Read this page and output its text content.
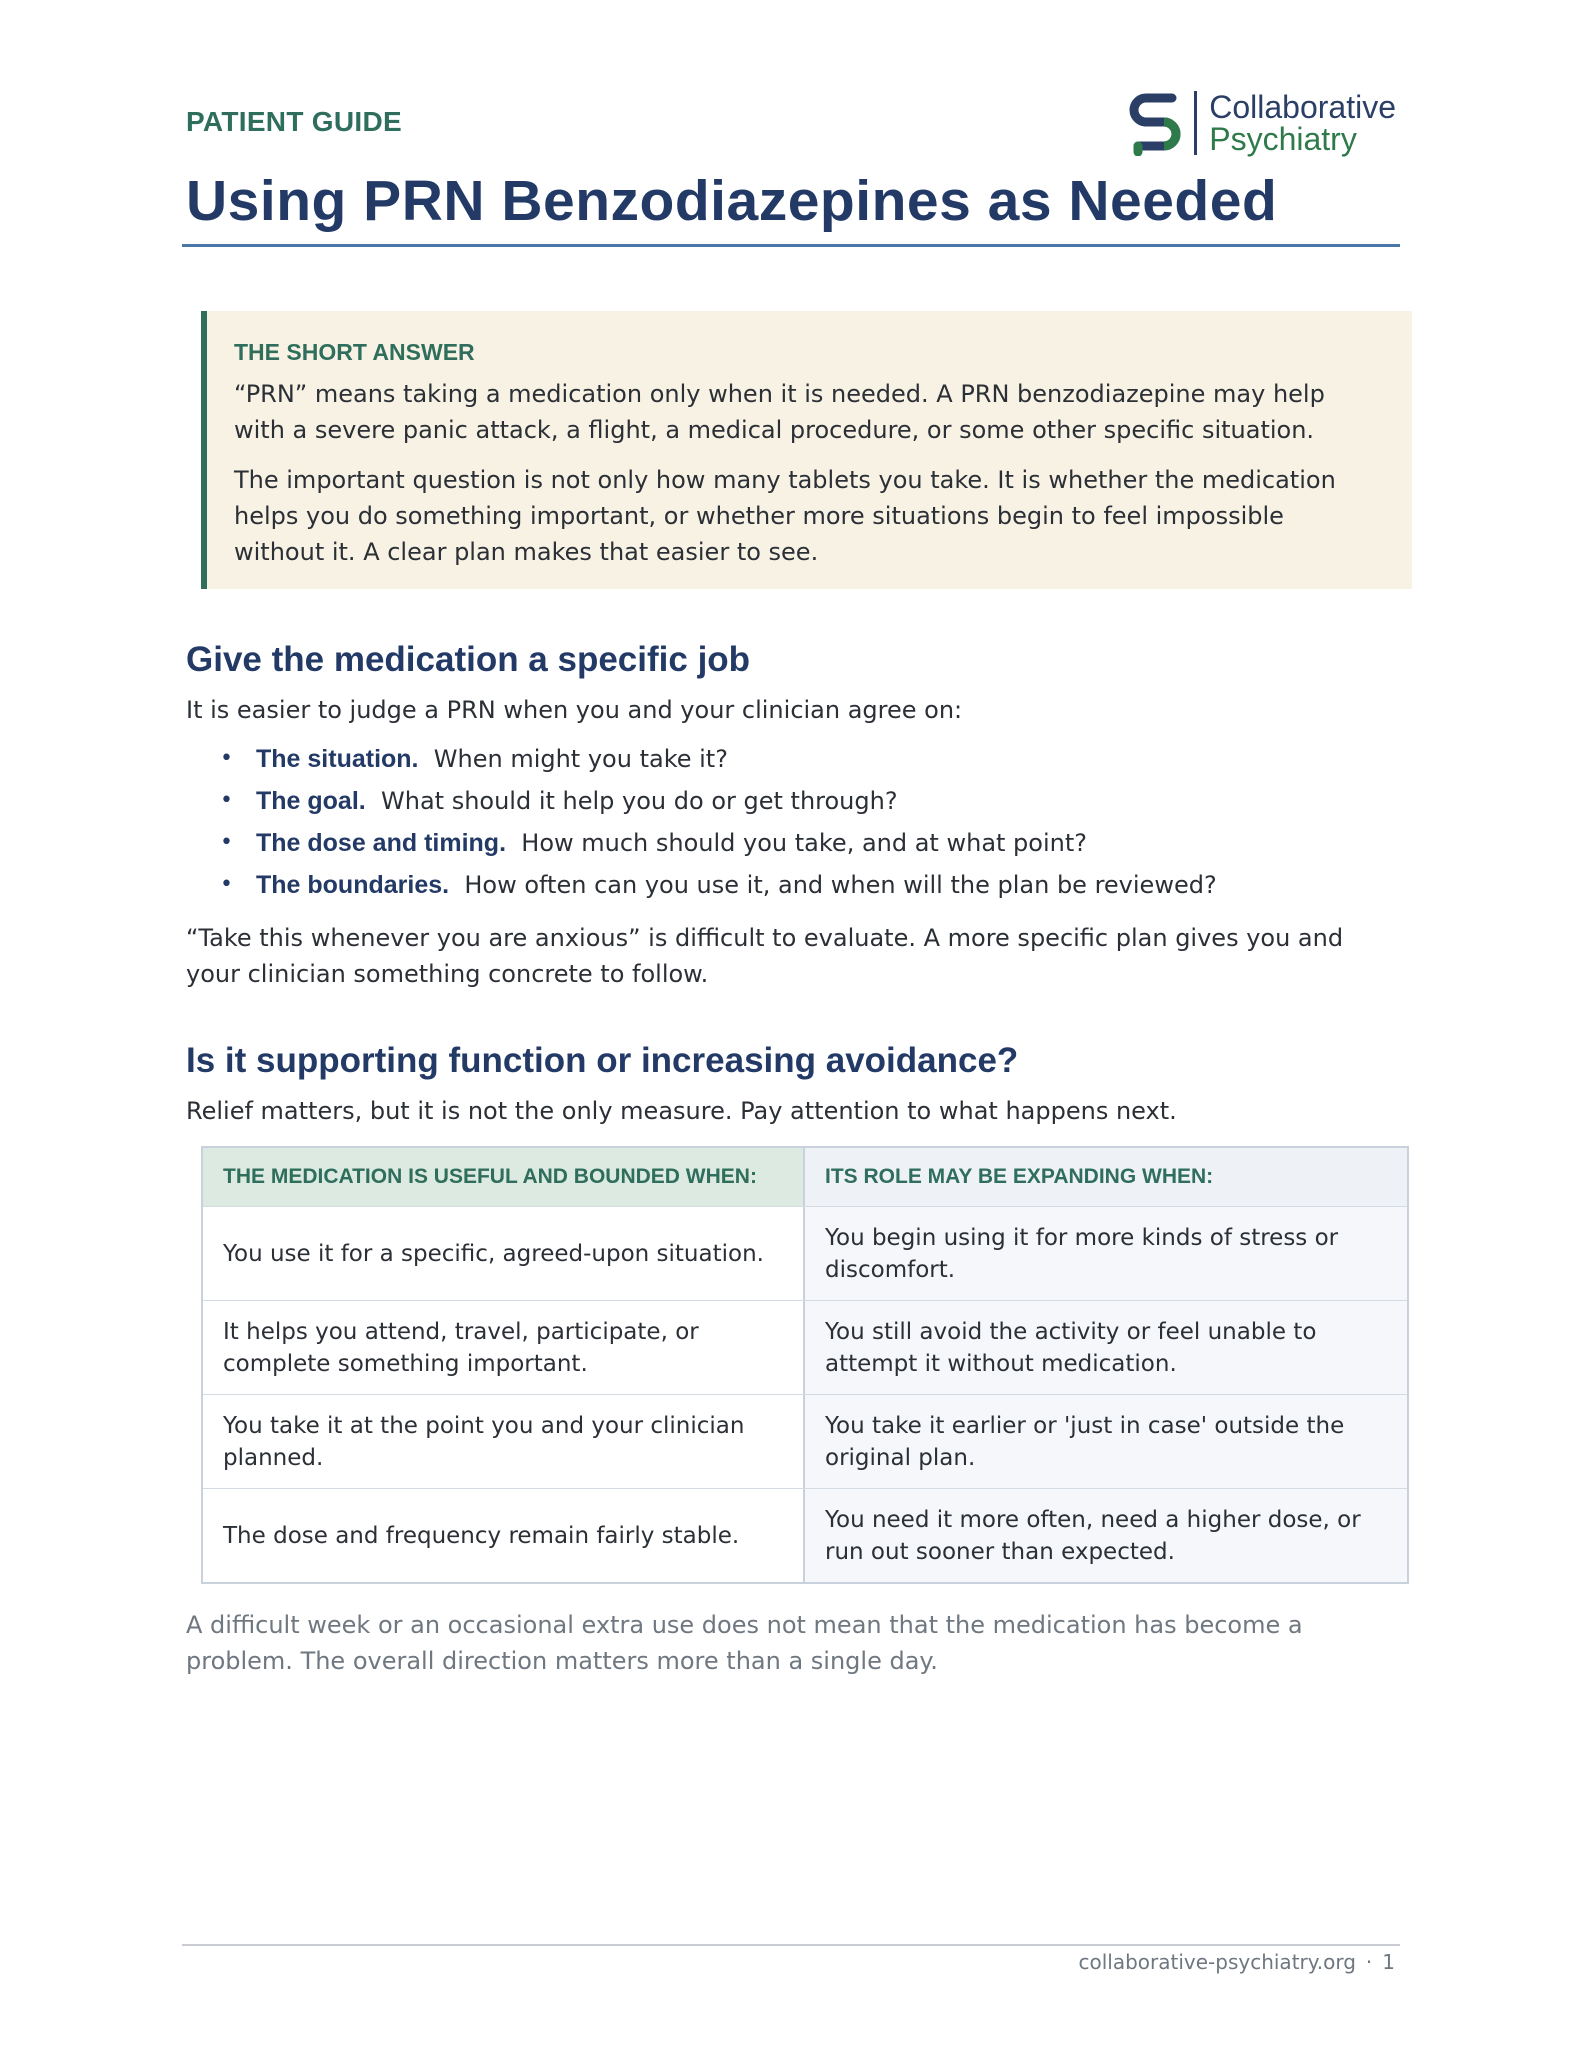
PATIENT GUIDE	Collaborative
Psychiatry
Using PRN Benzodiazepines as Needed
THE SHORT ANSWER

“PRN” means taking a medication only when it is needed. A PRN benzodiazepine may help with a severe panic attack, a flight, a medical procedure, or some other specific situation.

The important question is not only how many tablets you take. It is whether the medication helps you do something important, or whether more situations begin to feel impossible without it. A clear plan makes that easier to see.

Give the medication a specific job

It is easier to judge a PRN when you and your clinician agree on:

• The situation. When might you take it?
• The goal. What should it help you do or get through?
• The dose and timing. How much should you take, and at what point?
• The boundaries. How often can you use it, and when will the plan be reviewed?

“Take this whenever you are anxious” is difficult to evaluate. A more specific plan gives you and your clinician something concrete to follow.

Is it supporting function or increasing avoidance?

Relief matters, but it is not the only measure. Pay attention to what happens next.

THE MEDICATION IS USEFUL AND BOUNDED WHEN:	ITS ROLE MAY BE EXPANDING WHEN:
You use it for a specific, agreed-upon situation.
You begin using it for more kinds of stress or discomfort.
It helps you attend, travel, participate, or complete something important.
You still avoid the activity or feel unable to attempt it without medication.
You take it at the point you and your clinician planned.
You take it earlier or 'just in case' outside the original plan.
The dose and frequency remain fairly stable.
You need it more often, need a higher dose, or run out sooner than expected.

A difficult week or an occasional extra use does not mean that the medication has become a problem. The overall direction matters more than a single day.

collaborative-psychiatry.org · 1
